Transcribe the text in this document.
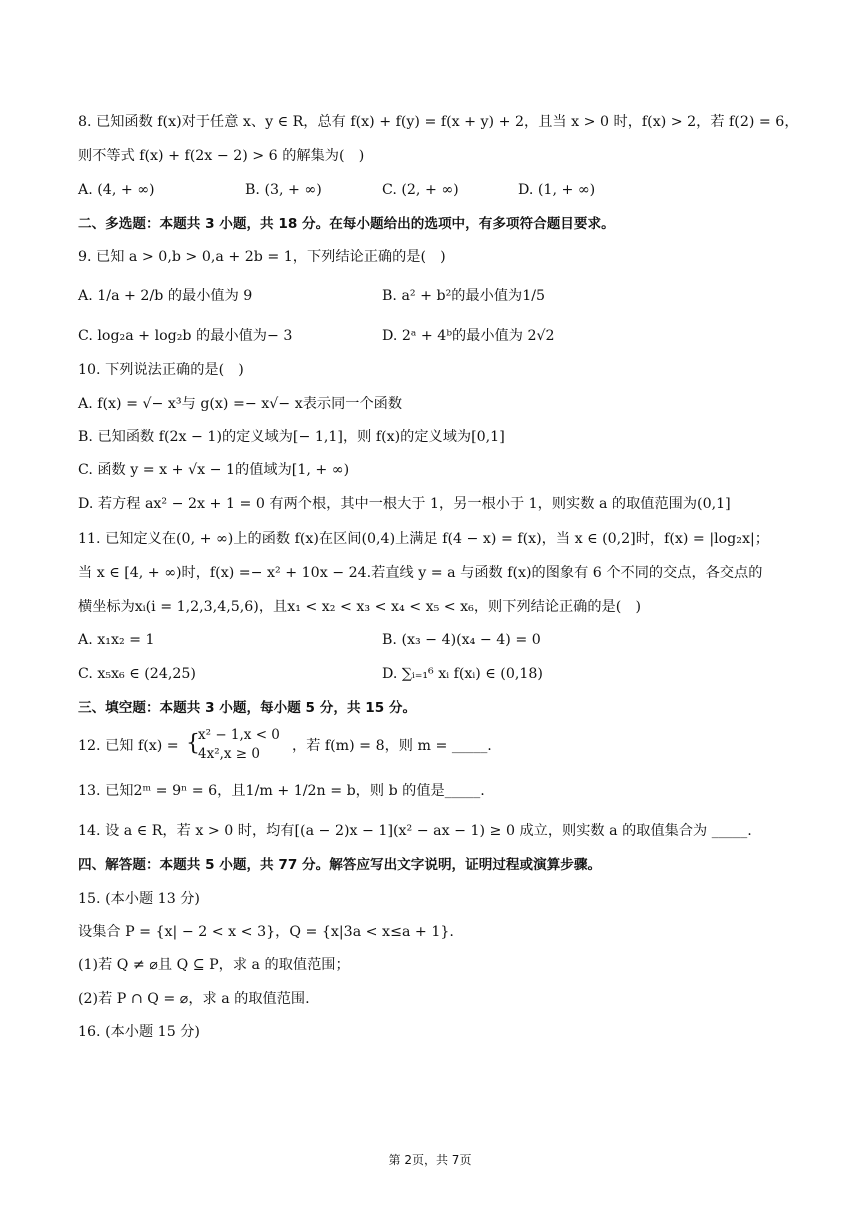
8. 已知函数 f(x)对于任意 x、y ∈ R，总有 f(x) + f(y) = f(x + y) + 2，且当 x > 0 时，f(x) > 2，若 f(2) = 6，
则不等式 f(x) + f(2x − 2) > 6 的解集为(　)
A. (4, + ∞)	B. (3, + ∞)	C. (2, + ∞)	D. (1, + ∞)
二、多选题：本题共 3 小题，共 18 分。在每小题给出的选项中，有多项符合题目要求。
9. 已知 a > 0,b > 0,a + 2b = 1，下列结论正确的是(　)
A. 1/a + 2/b 的最小值为 9	B. a² + b²的最小值为1/5
C. log₂a + log₂b 的最小值为− 3	D. 2ᵃ + 4ᵇ的最小值为 2√2
10. 下列说法正确的是(　)
A. f(x) = √− x³与 g(x) =− x√− x表示同一个函数
B. 已知函数 f(2x − 1)的定义域为[− 1,1]，则 f(x)的定义域为[0,1]
C. 函数 y = x + √x − 1的值域为[1, + ∞)
D. 若方程 ax² − 2x + 1 = 0 有两个根，其中一根大于 1，另一根小于 1，则实数 a 的取值范围为(0,1]
11. 已知定义在(0, + ∞)上的函数 f(x)在区间(0,4)上满足 f(4 − x) = f(x)，当 x ∈ (0,2]时，f(x) = |log₂x|；
当 x ∈ [4, + ∞)时，f(x) =− x² + 10x − 24.若直线 y = a 与函数 f(x)的图象有 6 个不同的交点，各交点的
横坐标为xᵢ(i = 1,2,3,4,5,6)，且x₁ < x₂ < x₃ < x₄ < x₅ < x₆，则下列结论正确的是(　)
A. x₁x₂ = 1	B. (x₃ − 4)(x₄ − 4) = 0
C. x₅x₆ ∈ (24,25)	D. ∑ᵢ₌₁⁶ xᵢ f(xᵢ) ∈ (0,18)
三、填空题：本题共 3 小题，每小题 5 分，共 15 分。
12. 已知 f(x) = {
x² − 1,x < 0
4x²,x ≥ 0 ，若 f(m) = 8，则 m = _____.
13. 已知2ᵐ = 9ⁿ = 6，且1/m + 1/2n = b，则 b 的值是_____.
14. 设 a ∈ R，若 x > 0 时，均有[(a − 2)x − 1](x² − ax − 1) ≥ 0 成立，则实数 a 的取值集合为 _____.
四、解答题：本题共 5 小题，共 77 分。解答应写出文字说明，证明过程或演算步骤。
15. (本小题 13 分)
设集合 P = {x| − 2 < x < 3}，Q = {x|3a < x≤a + 1}.
(1)若 Q ≠ ⌀且 Q ⊆ P，求 a 的取值范围；
(2)若 P ∩ Q = ⌀，求 a 的取值范围.
16. (本小题 15 分)
第 2页，共 7页
